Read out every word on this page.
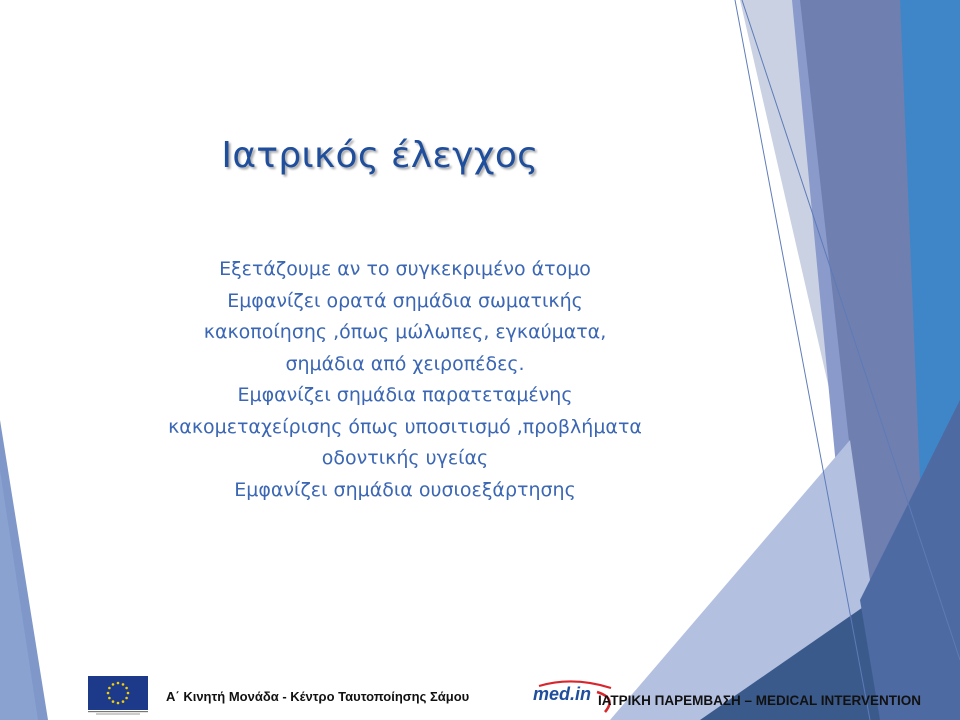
Ιατρικός έλεγχος
Εξετάζουμε αν το συγκεκριμένο άτομο
Εμφανίζει ορατά σημάδια σωματικής
κακοποίησης ,όπως μώλωπες, εγκαύματα,
σημάδια από χειροπέδες.
Εμφανίζει σημάδια παρατεταμένης
κακομεταχείρισης όπως υποσιτισμό ,προβλήματα
οδοντικής υγείας
Εμφανίζει σημάδια ουσιοεξάρτησης
Α΄ Κινητή Μονάδα - Κέντρο Ταυτοποίησης Σάμου	med.in ΙΑΤΡΙΚΗ ΠΑΡΕΜΒΑΣΗ – MEDICAL INTERVENTION
